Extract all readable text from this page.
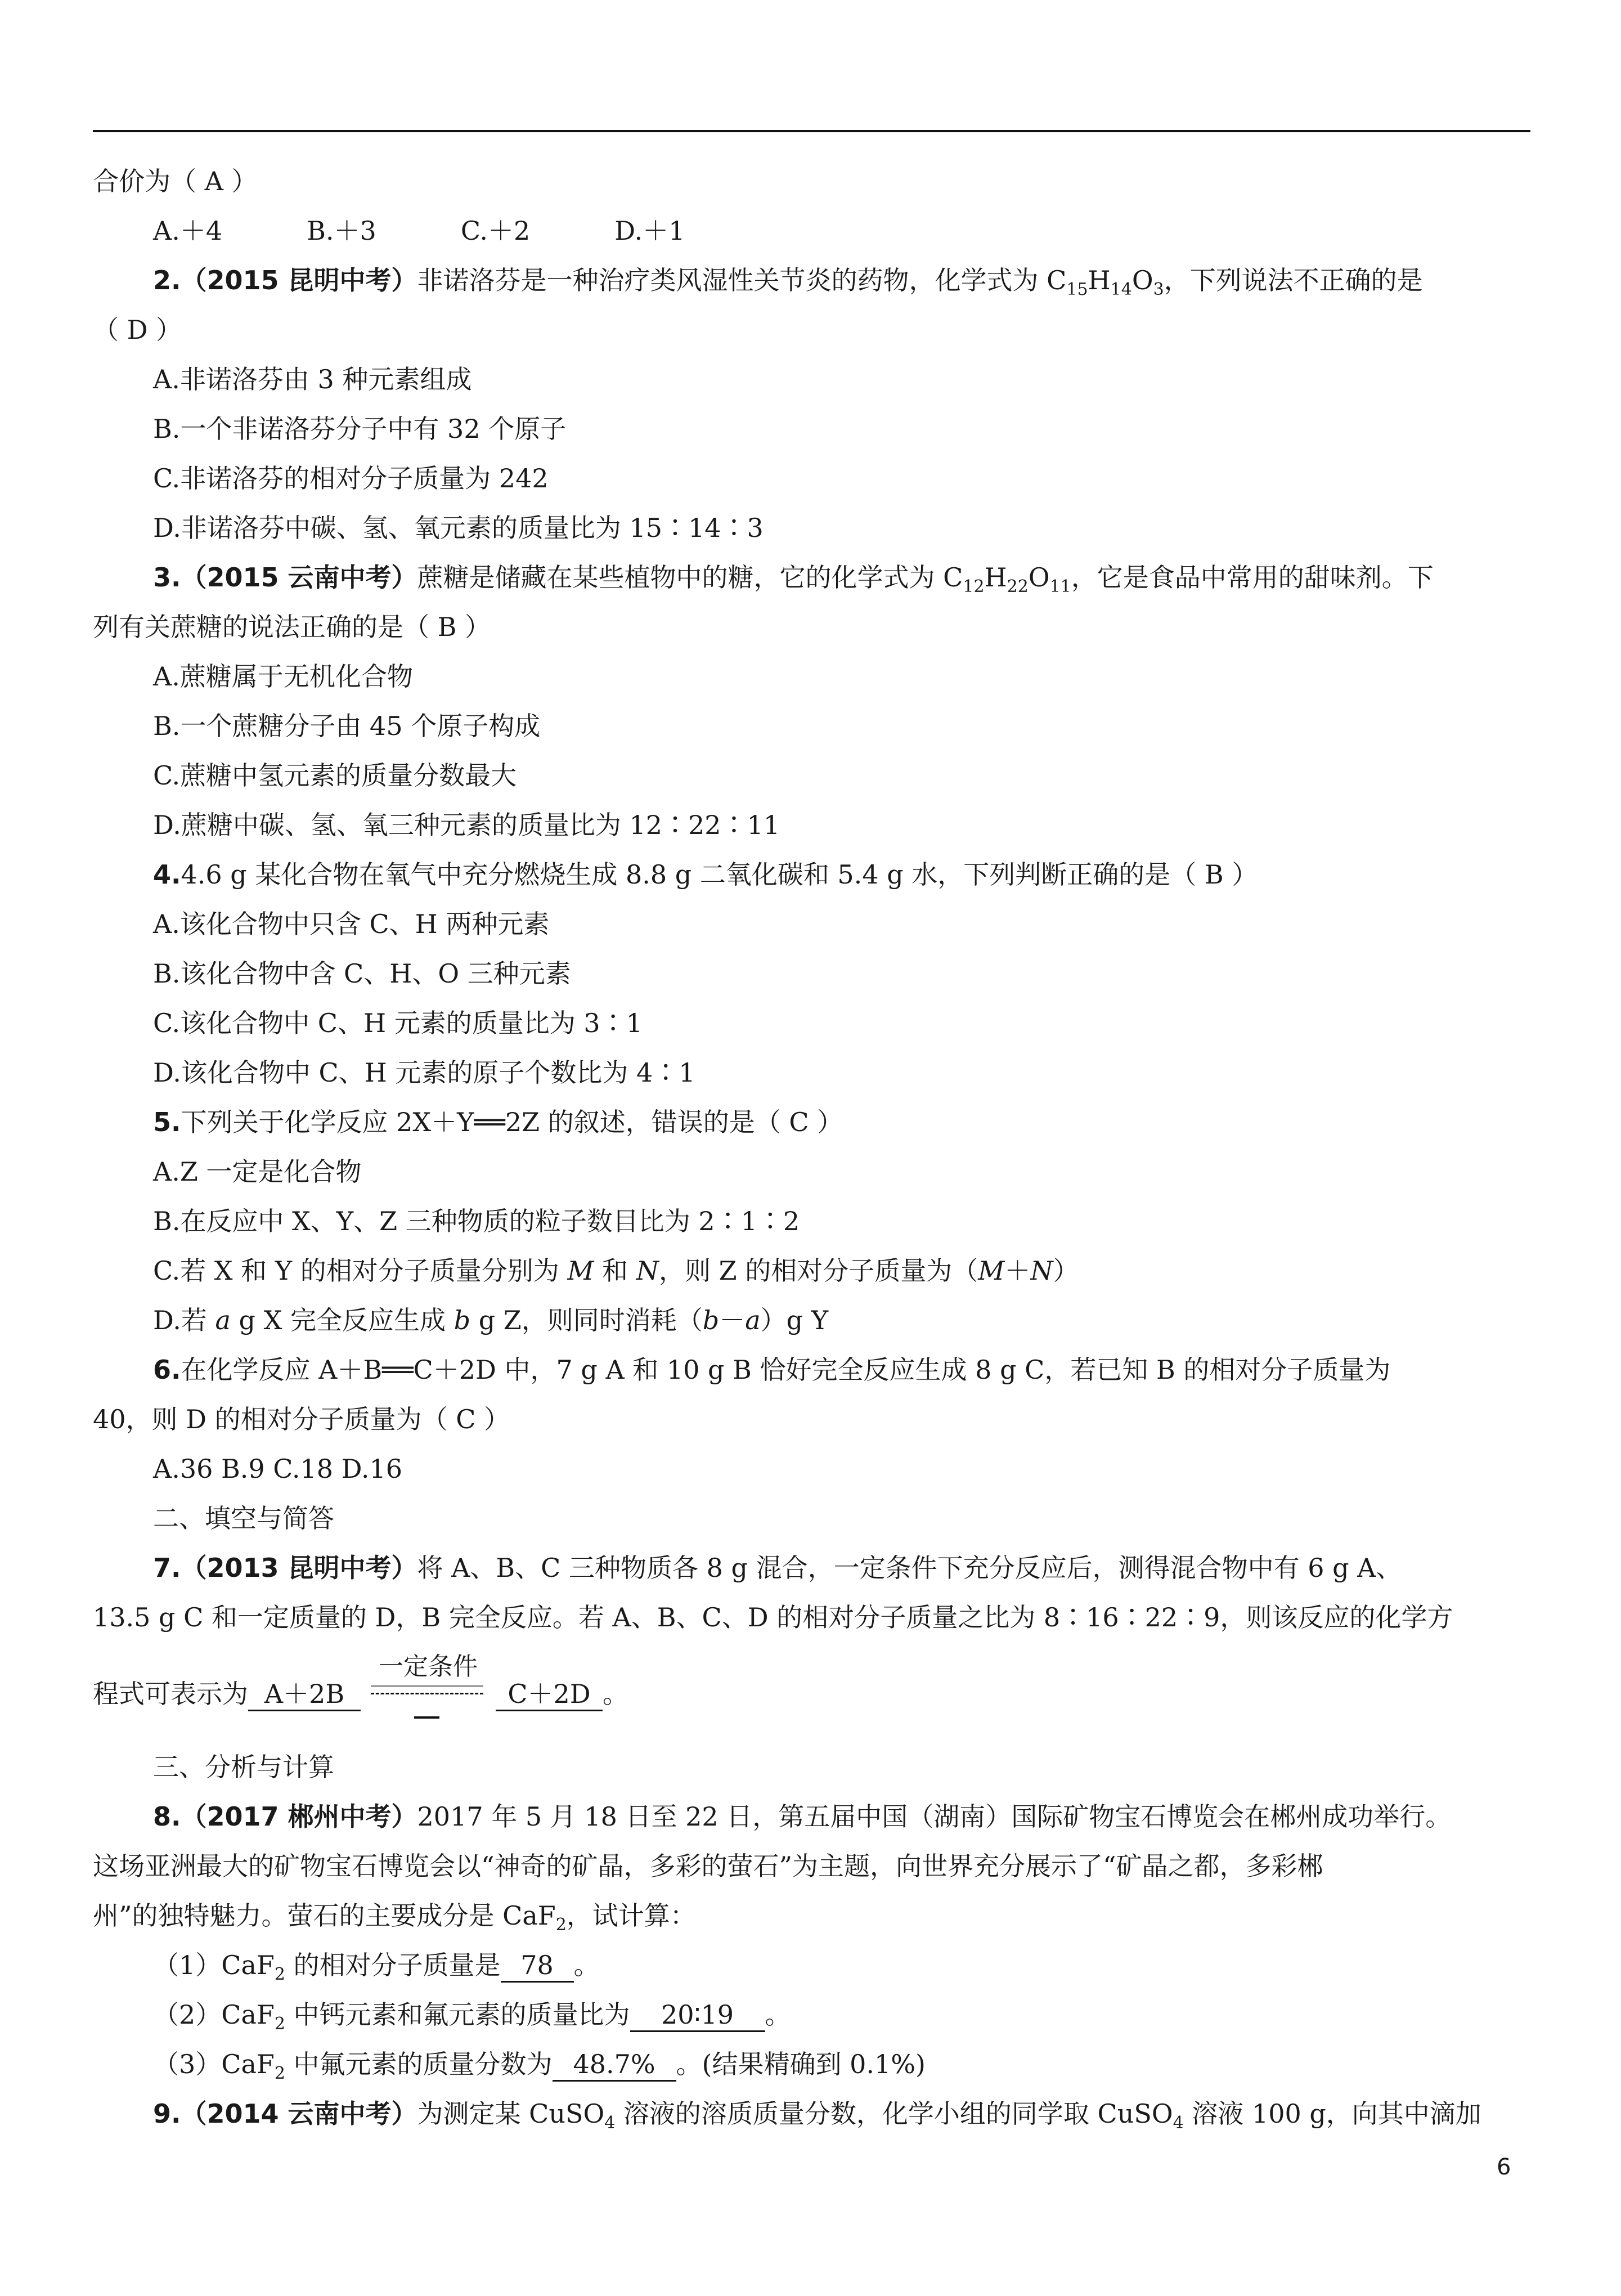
合价为（ A ）
A.＋4	B.＋3	C.＋2	D.＋1
2.（2015 昆明中考）非诺洛芬是一种治疗类风湿性关节炎的药物，化学式为 $C_{15}H_{14}O_3$，下列说法不正确的是
（ D ）
A.非诺洛芬由 3 种元素组成
B.一个非诺洛芬分子中有 32 个原子
C.非诺洛芬的相对分子质量为 242
D.非诺洛芬中碳、氢、氧元素的质量比为 15∶14∶3
3.（2015 云南中考）蔗糖是储藏在某些植物中的糖，它的化学式为 $C_{12}H_{22}O_{11}$，它是食品中常用的甜味剂。下
列有关蔗糖的说法正确的是（ B ）
A.蔗糖属于无机化合物
B.一个蔗糖分子由 45 个原子构成
C.蔗糖中氢元素的质量分数最大
D.蔗糖中碳、氢、氧三种元素的质量比为 12∶22∶11
4.4.6 g 某化合物在氧气中充分燃烧生成 8.8 g 二氧化碳和 5.4 g 水，下列判断正确的是（ B ）
A.该化合物中只含 C、H 两种元素
B.该化合物中含 C、H、O 三种元素
C.该化合物中 C、H 元素的质量比为 3∶1
D.该化合物中 C、H 元素的原子个数比为 4∶1
5.下列关于化学反应 2X＋Y══2Z 的叙述，错误的是（ C ）
A.Z 一定是化合物
B.在反应中 X、Y、Z 三种物质的粒子数目比为 2∶1∶2
C.若 X 和 Y 的相对分子质量分别为 M 和 N，则 Z 的相对分子质量为（M＋N）
D.若 a g X 完全反应生成 b g Z，则同时消耗（b－a）g Y
6.在化学反应 A＋B══C＋2D 中，7 g A 和 10 g B 恰好完全反应生成 8 g C，若已知 B 的相对分子质量为
40，则 D 的相对分子质量为（ C ）
A.36 B.9 C.18 D.16
二、填空与简答
7.（2013 昆明中考）将 A、B、C 三种物质各 8 g 混合，一定条件下充分反应后，测得混合物中有 6 g A、
13.5 g C 和一定质量的 D，B 完全反应。若 A、B、C、D 的相对分子质量之比为 8∶16∶22∶9，则该反应的化学方
程式可表示为 A＋2B
一定条件
C＋2D 。
三、分析与计算
8.（2017 郴州中考）2017 年 5 月 18 日至 22 日，第五届中国（湖南）国际矿物宝石博览会在郴州成功举行。
这场亚洲最大的矿物宝石博览会以“神奇的矿晶，多彩的萤石”为主题，向世界充分展示了“矿晶之都，多彩郴
州”的独特魅力。萤石的主要成分是 CaF$_2$，试计算：
（1）CaF$_2$ 的相对分子质量是 78 。
（2）CaF$_2$ 中钙元素和氟元素的质量比为 20∶19 。
（3）CaF$_2$ 中氟元素的质量分数为 48.7% 。(结果精确到 0.1%)
9.（2014 云南中考）为测定某 CuSO$_4$ 溶液的溶质质量分数，化学小组的同学取 CuSO$_4$ 溶液 100 g，向其中滴加
6
